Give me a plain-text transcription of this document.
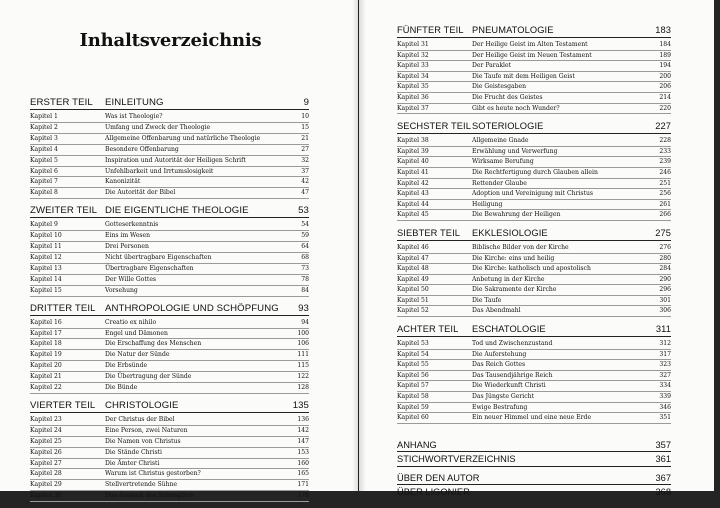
Inhaltsverzeichnis
ERSTER TEIL	EINLEITUNG	9
Kapitel 1	Was ist Theologie?	10
Kapitel 2	Umfang und Zweck der Theologie	15
Kapitel 3	Allgemeine Offenbarung und natürliche Theologie	21
Kapitel 4	Besondere Offenbarung	27
Kapitel 5	Inspiration und Autorität der Heiligen Schrift	32
Kapitel 6	Unfehlbarkeit und Irrtumslosigkeit	37
Kapitel 7	Kanonizität	42
Kapitel 8	Die Autorität der Bibel	47
ZWEITER TEIL DIE EIGENTLICHE THEOLOGIE	53
Kapitel 9	Gotteserkenntnis	54
Kapitel 10	Eins im Wesen	59
Kapitel 11	Drei Personen	64
Kapitel 12	Nicht übertragbare Eigenschaften	68
Kapitel 13	Übertragbare Eigenschaften	73
Kapitel 14	Der Wille Gottes	78
Kapitel 15	Vorsehung	84
DRITTER TEIL ANTHROPOLOGIE UND SCHÖPFUNG	93
Kapitel 16	Creatio ex nihilo	94
Kapitel 17	Engel und Dämonen	100
Kapitel 18	Die Erschaffung des Menschen	106
Kapitel 19	Die Natur der Sünde	111
Kapitel 20	Die Erbsünde	115
Kapitel 21	Die Übertragung der Sünde	122
Kapitel 22	Die Bünde	128
VIERTER TEIL	CHRISTOLOGIE	135
Kapitel 23	Der Christus der Bibel	136
Kapitel 24	Eine Person, zwei Naturen	142
Kapitel 25	Die Namen von Christus	147
Kapitel 26	Die Stände Christi	153
Kapitel 27	Die Ämter Christi	160
Kapitel 28	Warum ist Christus gestorben?	165
Kapitel 29	Stellvertretende Sühne	171
Kapitel 30	Das Ausmaß des Sühnopfers	178
FÜNFTER TEIL PNEUMATOLOGIE	183
Kapitel 31	Der Heilige Geist im Alten Testament	184
Kapitel 32	Der Heilige Geist im Neuen Testament	189
Kapitel 33	Der Paraklet	194
Kapitel 34	Die Taufe mit dem Heiligen Geist	200
Kapitel 35	Die Geistesgaben	206
Kapitel 36	Die Frucht des Geistes	214
Kapitel 37	Gibt es heute noch Wunder?	220
SECHSTER TEIL SOTERIOLOGIE	227
Kapitel 38	Allgemeine Gnade	228
Kapitel 39	Erwählung und Verwerfung	233
Kapitel 40	Wirksame Berufung	239
Kapitel 41	Die Rechtfertigung durch Glauben allein	246
Kapitel 42	Rettender Glaube	251
Kapitel 43	Adoption und Vereinigung mit Christus	256
Kapitel 44	Heiligung	261
Kapitel 45	Die Bewahrung der Heiligen	266
SIEBTER TEIL	EKKLESIOLOGIE	275
Kapitel 46	Biblische Bilder von der Kirche	276
Kapitel 47	Die Kirche: eins und heilig	280
Kapitel 48	Die Kirche: katholisch und apostolisch	284
Kapitel 49	Anbetung in der Kirche	290
Kapitel 50	Die Sakramente der Kirche	296
Kapitel 51	Die Taufe	301
Kapitel 52	Das Abendmahl	306
ACHTER TEIL	ESCHATOLOGIE	311
Kapitel 53	Tod und Zwischenzustand	312
Kapitel 54	Die Auferstehung	317
Kapitel 55	Das Reich Gottes	323
Kapitel 56	Das Tausendjährige Reich	327
Kapitel 57	Die Wiederkunft Christi	334
Kapitel 58	Das Jüngste Gericht	339
Kapitel 59	Ewige Bestrafung	346
Kapitel 60	Ein neuer Himmel und eine neue Erde	351
ANHANG	357
STICHWORTVERZEICHNIS	361
ÜBER DEN AUTOR	367
ÜBER LIGONIER	368
